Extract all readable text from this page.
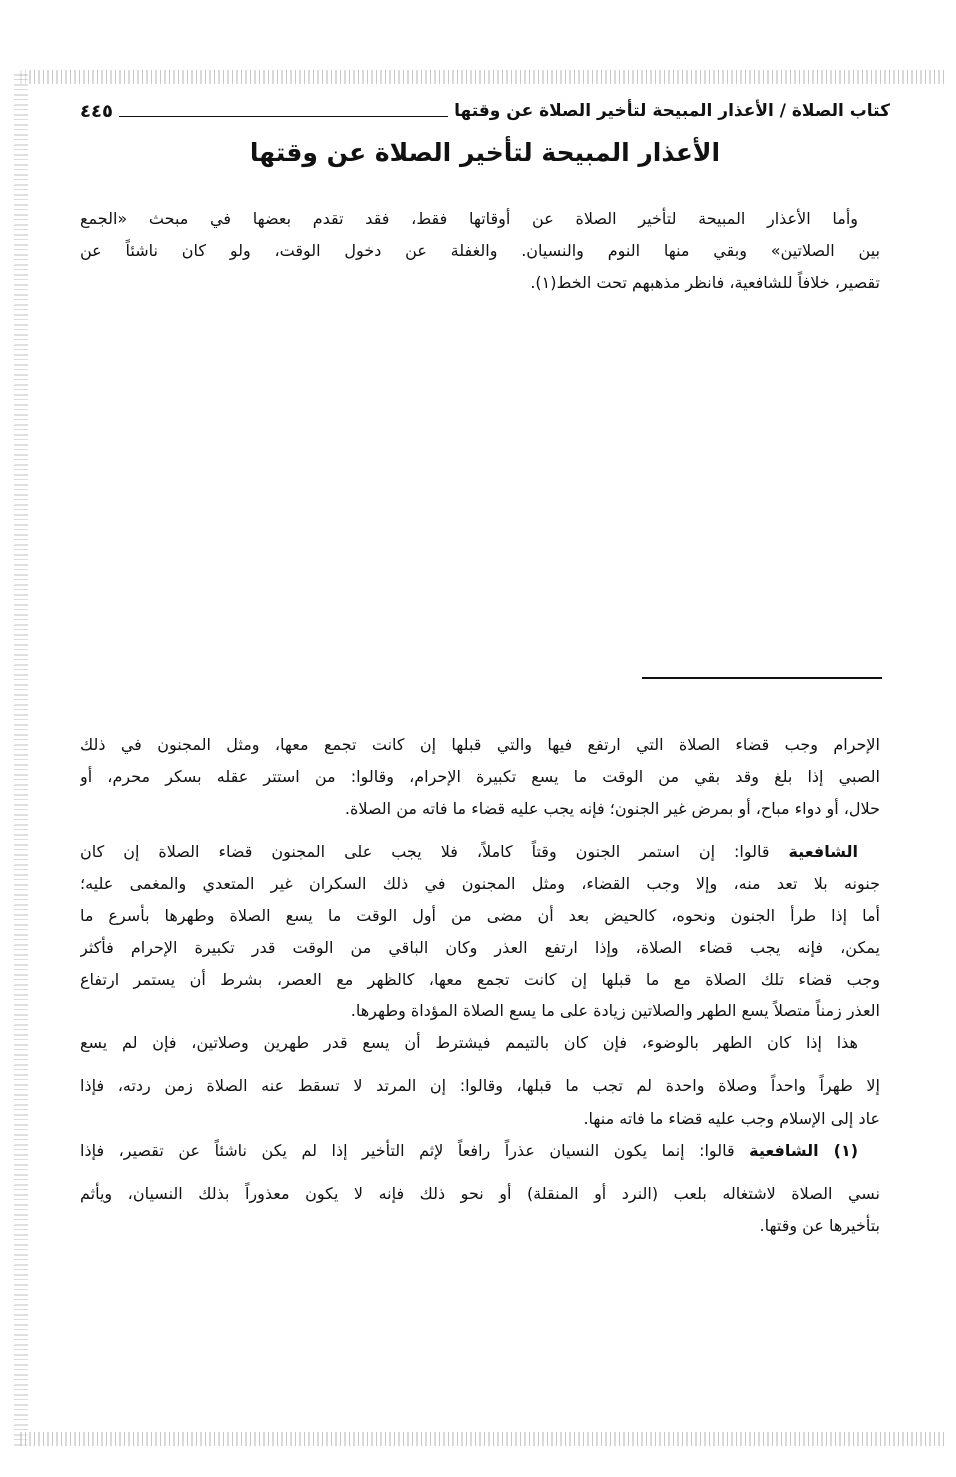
كتاب الصلاة / الأعذار المبيحة لتأخير الصلاة عن وقتها
٤٤٥
الأعذار المبيحة لتأخير الصلاة عن وقتها
وأما الأعذار المبيحة لتأخير الصلاة عن أوقاتها فقط، فقد تقدم بعضها في مبحث «الجمع
بين الصلاتين» وبقي منها النوم والنسيان. والغفلة عن دخول الوقت، ولو كان ناشئاً عن
تقصير، خلافاً للشافعية، فانظر مذهبهم تحت الخط(١).
الإحرام وجب قضاء الصلاة التي ارتفع فيها والتي قبلها إن كانت تجمع معها، ومثل المجنون في ذلك
الصبي إذا بلغ وقد بقي من الوقت ما يسع تكبيرة الإحرام، وقالوا: من استتر عقله بسكر محرم، أو
حلال، أو دواء مباح، أو بمرض غير الجنون؛ فإنه يجب عليه قضاء ما فاته من الصلاة.
الشافعية قالوا: إن استمر الجنون وقتاً كاملاً، فلا يجب على المجنون قضاء الصلاة إن كان
جنونه بلا تعد منه، وإلا وجب القضاء، ومثل المجنون في ذلك السكران غير المتعدي والمغمى عليه؛
أما إذا طرأ الجنون ونحوه، كالحيض بعد أن مضى من أول الوقت ما يسع الصلاة وطهرها بأسرع ما
يمكن، فإنه يجب قضاء الصلاة، وإذا ارتفع العذر وكان الباقي من الوقت قدر تكبيرة الإحرام فأكثر
وجب قضاء تلك الصلاة مع ما قبلها إن كانت تجمع معها، كالظهر مع العصر، بشرط أن يستمر ارتفاع
العذر زمناً متصلاً يسع الطهر والصلاتين زيادة على ما يسع الصلاة المؤداة وطهرها.
هذا إذا كان الطهر بالوضوء، فإن كان بالتيمم فيشترط أن يسع قدر طهرين وصلاتين، فإن لم يسع
إلا طهراً واحداً وصلاة واحدة لم تجب ما قبلها، وقالوا: إن المرتد لا تسقط عنه الصلاة زمن ردته، فإذا
عاد إلى الإسلام وجب عليه قضاء ما فاته منها.
(١) الشافعية قالوا: إنما يكون النسيان عذراً رافعاً لإثم التأخير إذا لم يكن ناشئاً عن تقصير، فإذا
نسي الصلاة لاشتغاله بلعب (النرد أو المنقلة) أو نحو ذلك فإنه لا يكون معذوراً بذلك النسيان، ويأثم
بتأخيرها عن وقتها.
